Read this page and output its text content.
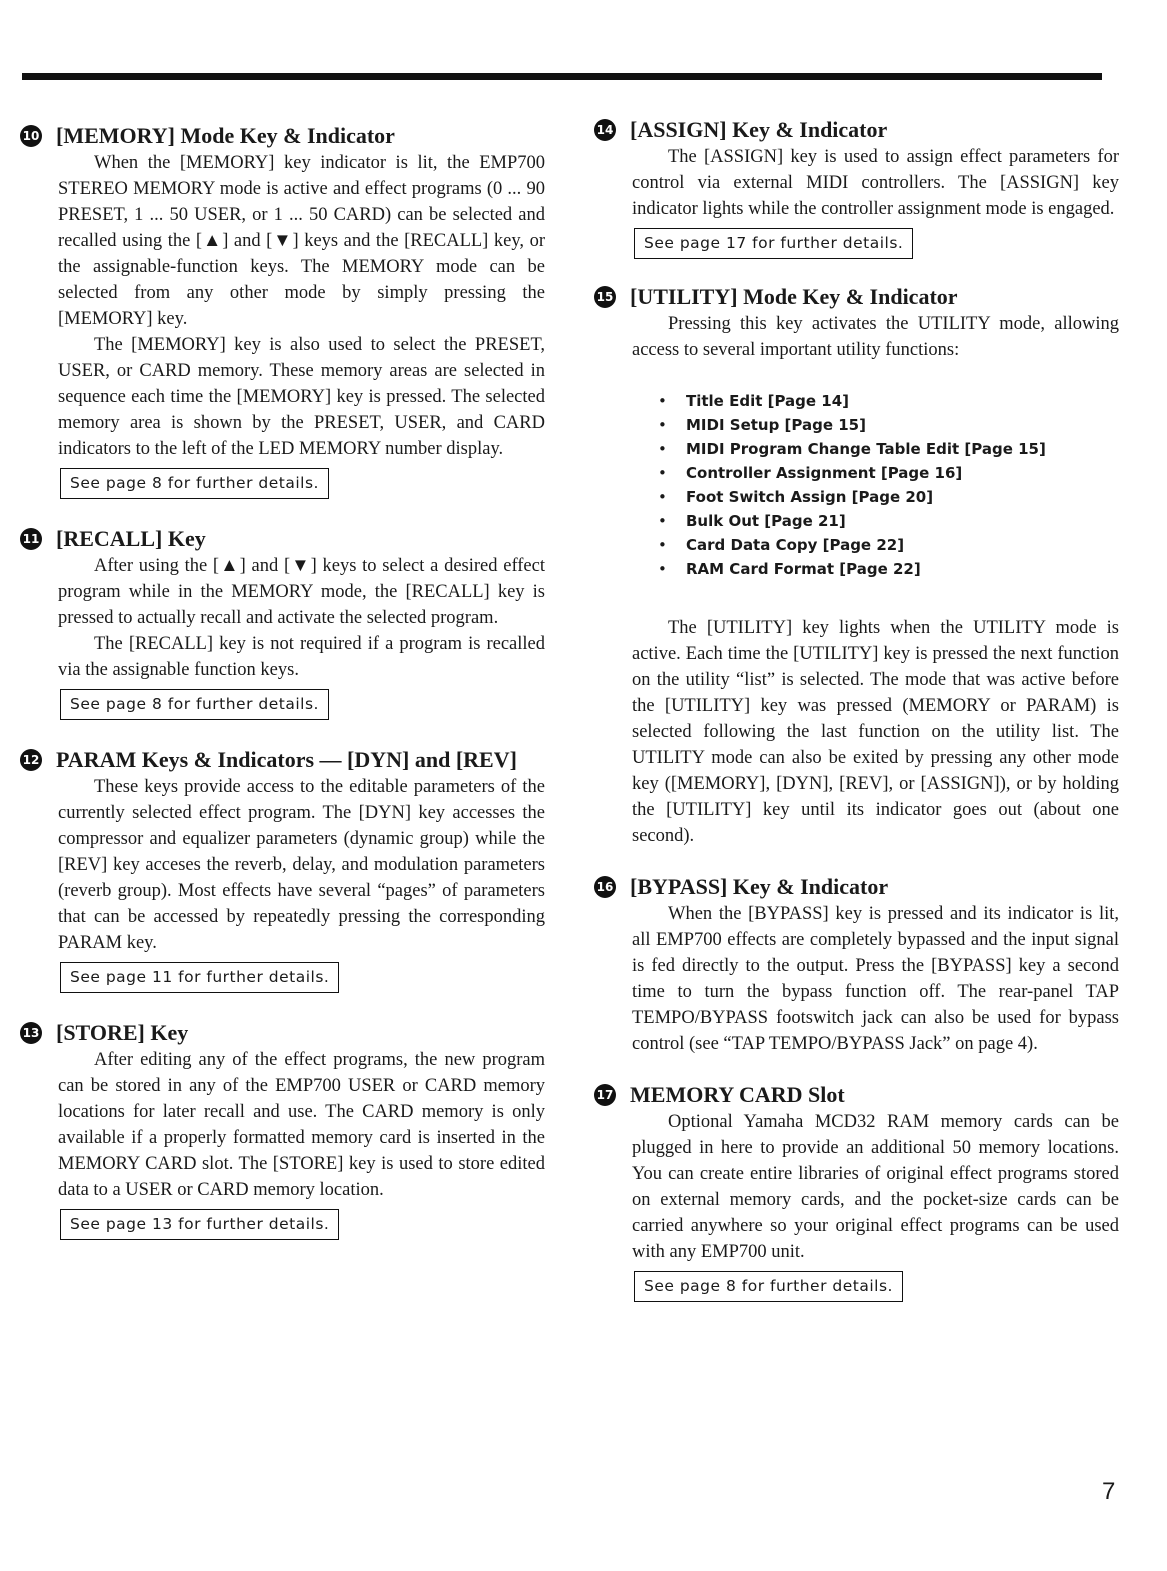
10 [MEMORY] Mode Key & Indicator

When the [MEMORY] key indicator is lit, the EMP700 STEREO MEMORY mode is active and effect programs (0 ... 90 PRESET, 1 ... 50 USER, or 1 ... 50 CARD) can be selected and recalled using the [▲] and [▼] keys and the [RECALL] key, or the assignable-function keys. The MEMORY mode can be selected from any other mode by simply pressing the [MEMORY] key.

The [MEMORY] key is also used to select the PRESET, USER, or CARD memory. These memory areas are selected in sequence each time the [MEMORY] key is pressed. The selected memory area is shown by the PRESET, USER, and CARD indicators to the left of the LED MEMORY number display.

See page 8 for further details.
11 [RECALL] Key

After using the [▲] and [▼] keys to select a desired effect program while in the MEMORY mode, the [RECALL] key is pressed to actually recall and activate the selected program.

The [RECALL] key is not required if a program is recalled via the assignable function keys.

See page 8 for further details.
12 PARAM Keys & Indicators — [DYN] and [REV]

These keys provide access to the editable parameters of the currently selected effect program. The [DYN] key accesses the compressor and equalizer parameters (dynamic group) while the [REV] key acceses the reverb, delay, and modulation parameters (reverb group). Most effects have several “pages” of parameters that can be accessed by repeatedly pressing the corresponding PARAM key.

See page 11 for further details.
13 [STORE] Key

After editing any of the effect programs, the new program can be stored in any of the EMP700 USER or CARD memory locations for later recall and use. The CARD memory is only available if a properly formatted memory card is inserted in the MEMORY CARD slot. The [STORE] key is used to store edited data to a USER or CARD memory location.

See page 13 for further details.
14 [ASSIGN] Key & Indicator

The [ASSIGN] key is used to assign effect parameters for control via external MIDI controllers. The [ASSIGN] key indicator lights while the controller assignment mode is engaged.

See page 17 for further details.
15 [UTILITY] Mode Key & Indicator

Pressing this key activates the UTILITY mode, allowing access to several important utility functions:

• Title Edit [Page 14]
• MIDI Setup [Page 15]
• MIDI Program Change Table Edit [Page 15]
• Controller Assignment [Page 16]
• Foot Switch Assign [Page 20]
• Bulk Out [Page 21]
• Card Data Copy [Page 22]
• RAM Card Format [Page 22]

The [UTILITY] key lights when the UTILITY mode is active. Each time the [UTILITY] key is pressed the next function on the utility “list” is selected. The mode that was active before the [UTILITY] key was pressed (MEMORY or PARAM) is selected following the last function on the utility list. The UTILITY mode can also be exited by pressing any other mode key ([MEMORY], [DYN], [REV], or [ASSIGN]), or by holding the [UTILITY] key until its indicator goes out (about one second).

16 [BYPASS] Key & Indicator

When the [BYPASS] key is pressed and its indicator is lit, all EMP700 effects are completely bypassed and the input signal is fed directly to the output. Press the [BYPASS] key a second time to turn the bypass function off. The rear-panel TAP TEMPO/BYPASS footswitch jack can also be used for bypass control (see “TAP TEMPO/BYPASS Jack” on page 4).

17 MEMORY CARD Slot

Optional Yamaha MCD32 RAM memory cards can be plugged in here to provide an additional 50 memory locations. You can create entire libraries of original effect programs stored on external memory cards, and the pocket-size cards can be carried anywhere so your original effect programs can be used with any EMP700 unit.

See page 8 for further details.
7
